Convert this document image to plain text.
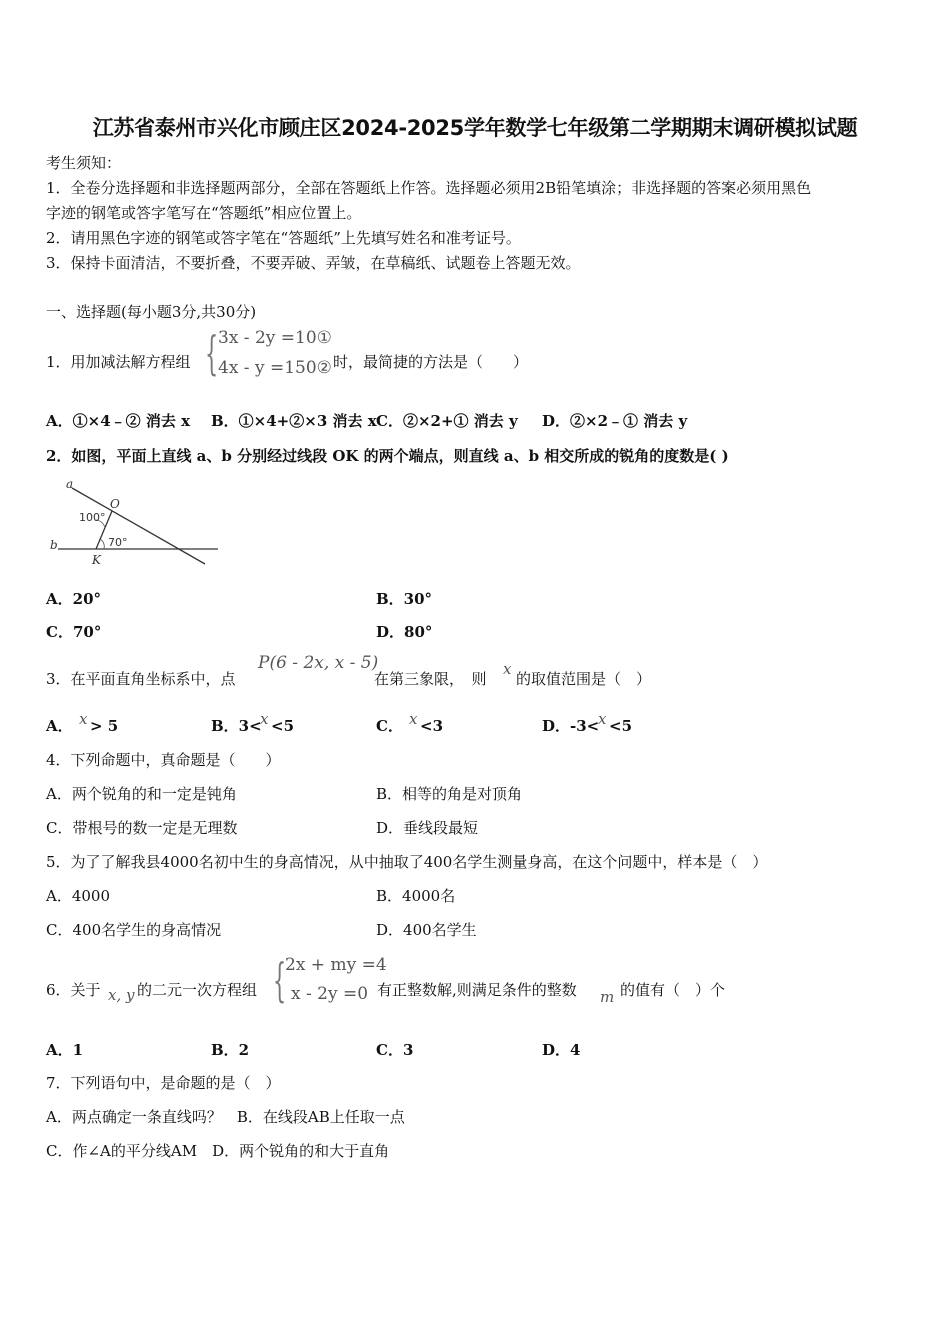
江苏省泰州市兴化市顾庄区2024-2025学年数学七年级第二学期期末调研模拟试题
考生须知：
1．全卷分选择题和非选择题两部分，全部在答题纸上作答。选择题必须用2B铅笔填涂；非选择题的答案必须用黑色
字迹的钢笔或答字笔写在“答题纸”相应位置上。
2．请用黑色字迹的钢笔或答字笔在“答题纸”上先填写姓名和准考证号。
3．保持卡面清洁，不要折叠，不要弄破、弄皱，在草稿纸、试题卷上答题无效。
一、选择题(每小题3分,共30分)
1．用加减法解方程组 { 3x - 2y =10①
4x - y =150② 时，最简捷的方法是（　　）
A．①×4﹣② 消去 x B．①×4+②×3 消去 x C．②×2+① 消去 y D．②×2﹣① 消去 y
2．如图，平面上直线 a、b 分别经过线段 OK 的两个端点，则直线 a、b 相交所成的锐角的度数是( )
a
b
O
K
100°
70°
A．20°	B．30°
C．70°	D．80°
3．在平面直角坐标系中，点
P(6 - 2x, x - 5)
在第三象限，　则
x
的取值范围是（　）
A． x > 5	B．3<
x <5	C． x <3	D．-3<
x <5
4．下列命题中，真命题是（　　）
A．两个锐角的和一定是钝角	B．相等的角是对顶角
C．带根号的数一定是无理数	D．垂线段最短
5．为了了解我县4000名初中生的身高情况，从中抽取了400名学生测量身高，在这个问题中，样本是（　）
A．4000	B．4000名
C．400名学生的身高情况	D．400名学生
6．关于 x, y 的二元一次方程组 {
2x + my =4
x - 2y =0 有正整数解,则满足条件的整数 m 的值有（　）个
A．1	B．2	C．3	D．4
7．下列语句中，是命题的是（　）
A．两点确定一条直线吗？　B．在线段AB上任取一点
C．作∠A的平分线AM　D．两个锐角的和大于直角
